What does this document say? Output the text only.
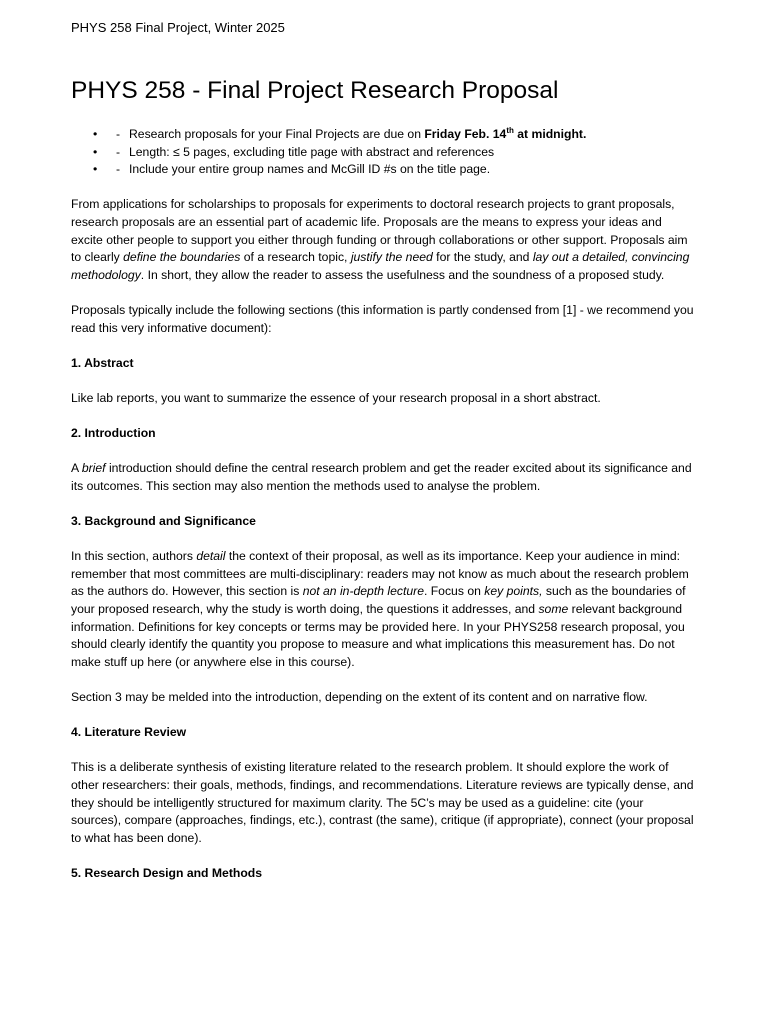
PHYS 258 Final Project, Winter 2025
PHYS 258 - Final Project Research Proposal
• - Research proposals for your Final Projects are due on Friday Feb. 14th at midnight.
• - Length: ≤ 5 pages, excluding title page with abstract and references
• - Include your entire group names and McGill ID #s on the title page.

From applications for scholarships to proposals for experiments to doctoral research projects to grant proposals, research proposals are an essential part of academic life. Proposals are the means to express your ideas and excite other people to support you either through funding or through collaborations or other support. Proposals aim to clearly define the boundaries of a research topic, justify the need for the study, and lay out a detailed, convincing methodology. In short, they allow the reader to assess the usefulness and the soundness of a proposed study.

Proposals typically include the following sections (this information is partly condensed from [1] - we recommend you read this very informative document):

1. Abstract

Like lab reports, you want to summarize the essence of your research proposal in a short abstract.

2. Introduction

A brief introduction should define the central research problem and get the reader excited about its significance and its outcomes. This section may also mention the methods used to analyse the problem.

3. Background and Significance

In this section, authors detail the context of their proposal, as well as its importance. Keep your audience in mind: remember that most committees are multi-disciplinary: readers may not know as much about the research problem as the authors do. However, this section is not an in-depth lecture. Focus on key points, such as the boundaries of your proposed research, why the study is worth doing, the questions it addresses, and some relevant background information. Definitions for key concepts or terms may be provided here. In your PHYS258 research proposal, you should clearly identify the quantity you propose to measure and what implications this measurement has. Do not make stuff up here (or anywhere else in this course).

Section 3 may be melded into the introduction, depending on the extent of its content and on narrative flow.

4. Literature Review

This is a deliberate synthesis of existing literature related to the research problem. It should explore the work of other researchers: their goals, methods, findings, and recommendations. Literature reviews are typically dense, and they should be intelligently structured for maximum clarity. The 5C’s may be used as a guideline: cite (your sources), compare (approaches, findings, etc.), contrast (the same), critique (if appropriate), connect (your proposal to what has been done).

5. Research Design and Methods
